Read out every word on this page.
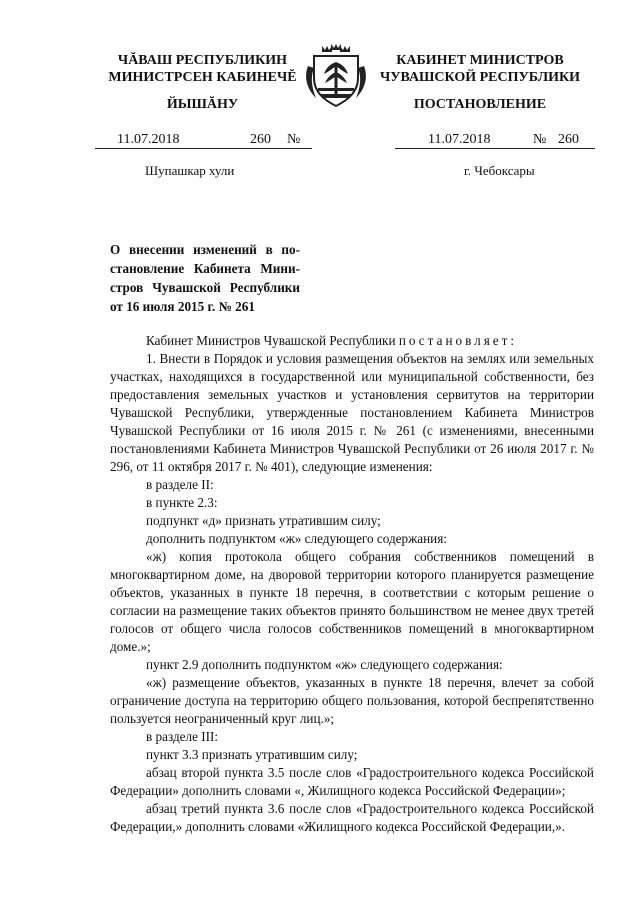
ЧĂВАШ РЕСПУБЛИКИН
МИНИСТРСЕН КАБИНЕЧĔ
ЙЫШĂНУ
КАБИНЕТ МИНИСТРОВ
ЧУВАШСКОЙ РЕСПУБЛИКИ
ПОСТАНОВЛЕНИЕ
11.07.2018	260 №	11.07.2018	№ 260
Шупашкар хули	г. Чебоксары
О внесении изменений в по-
становление Кабинета Мини-
стров Чувашской Республики
от 16 июля 2015 г. № 261

Кабинет Министров Чувашской Республики постановляет:

1. Внести в Порядок и условия размещения объектов на землях или земельных участках, находящихся в государственной или муниципальной собственности, без предоставления земельных участков и установления сервитутов на территории Чувашской Республики, утвержденные постановлением Кабинета Министров Чувашской Республики от 16 июля 2015 г. № 261 (с изменениями, внесенными постановлениями Кабинета Министров Чувашской Республики от 26 июля 2017 г. № 296, от 11 октября 2017 г. № 401), следующие изменения:

в разделе II:

в пункте 2.3:

подпункт «д» признать утратившим силу;

дополнить подпунктом «ж» следующего содержания:

«ж) копия протокола общего собрания собственников помещений в многоквартирном доме, на дворовой территории которого планируется размещение объектов, указанных в пункте 18 перечня, в соответствии с которым решение о согласии на размещение таких объектов принято большинством не менее двух третей голосов от общего числа голосов собственников помещений в многоквартирном доме.»;

пункт 2.9 дополнить подпунктом «ж» следующего содержания:

«ж) размещение объектов, указанных в пункте 18 перечня, влечет за собой ограничение доступа на территорию общего пользования, которой беспрепятственно пользуется неограниченный круг лиц.»;

в разделе III:

пункт 3.3 признать утратившим силу;

абзац второй пункта 3.5 после слов «Градостроительного кодекса Российской Федерации» дополнить словами «, Жилищного кодекса Российской Федерации»;

абзац третий пункта 3.6 после слов «Градостроительного кодекса Российской Федерации,» дополнить словами «Жилищного кодекса Российской Федерации,».
